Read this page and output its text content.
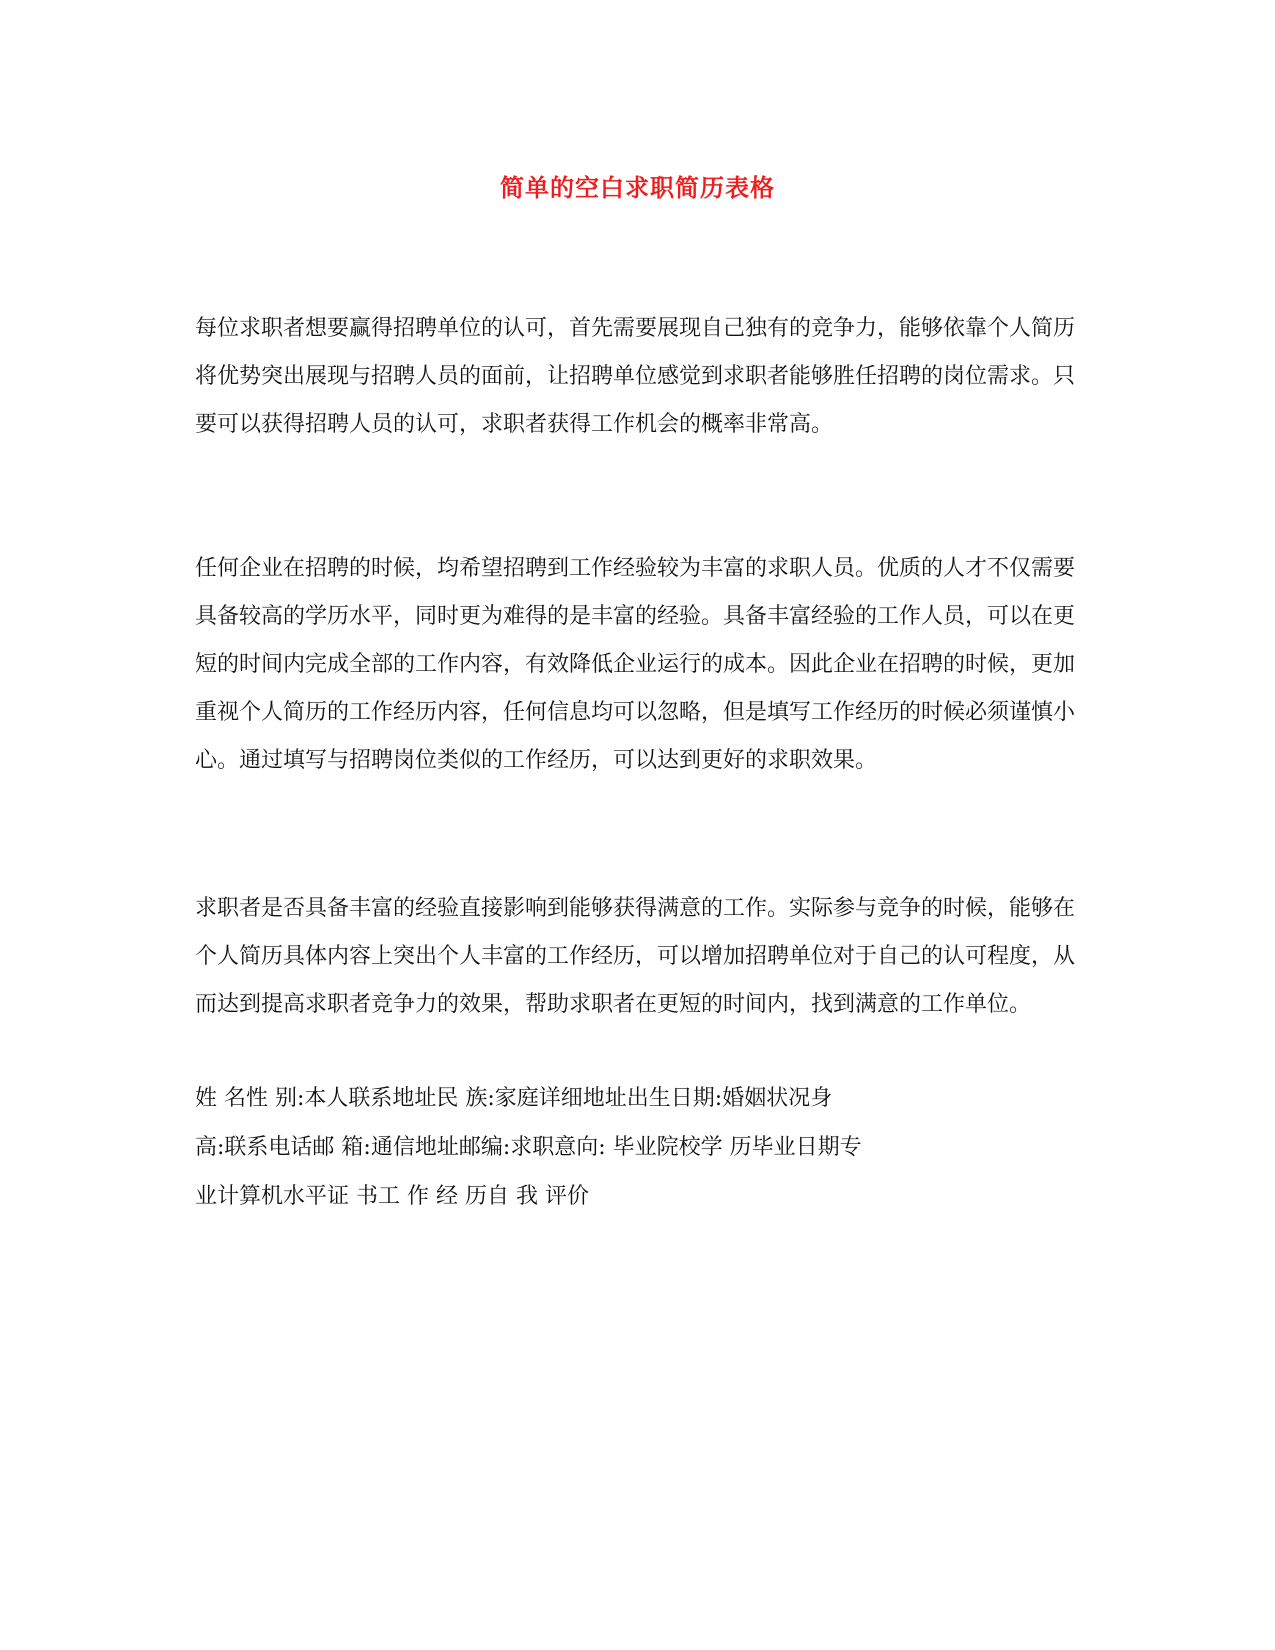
简单的空白求职简历表格

每位求职者想要赢得招聘单位的认可，首先需要展现自己独有的竞争力，能够依靠个人简历将优势突出展现与招聘人员的面前，让招聘单位感觉到求职者能够胜任招聘的岗位需求。只要可以获得招聘人员的认可，求职者获得工作机会的概率非常高。

任何企业在招聘的时候，均希望招聘到工作经验较为丰富的求职人员。优质的人才不仅需要具备较高的学历水平，同时更为难得的是丰富的经验。具备丰富经验的工作人员，可以在更短的时间内完成全部的工作内容，有效降低企业运行的成本。因此企业在招聘的时候，更加重视个人简历的工作经历内容，任何信息均可以忽略，但是填写工作经历的时候必须谨慎小心。通过填写与招聘岗位类似的工作经历，可以达到更好的求职效果。

求职者是否具备丰富的经验直接影响到能够获得满意的工作。实际参与竞争的时候，能够在个人简历具体内容上突出个人丰富的工作经历，可以增加招聘单位对于自己的认可程度，从而达到提高求职者竞争力的效果，帮助求职者在更短的时间内，找到满意的工作单位。

姓 名性 别:本人联系地址民 族:家庭详细地址出生日期:婚姻状况身

高:联系电话邮 箱:通信地址邮编:求职意向: 毕业院校学 历毕业日期专

业计算机水平证 书工 作 经 历自 我 评价
